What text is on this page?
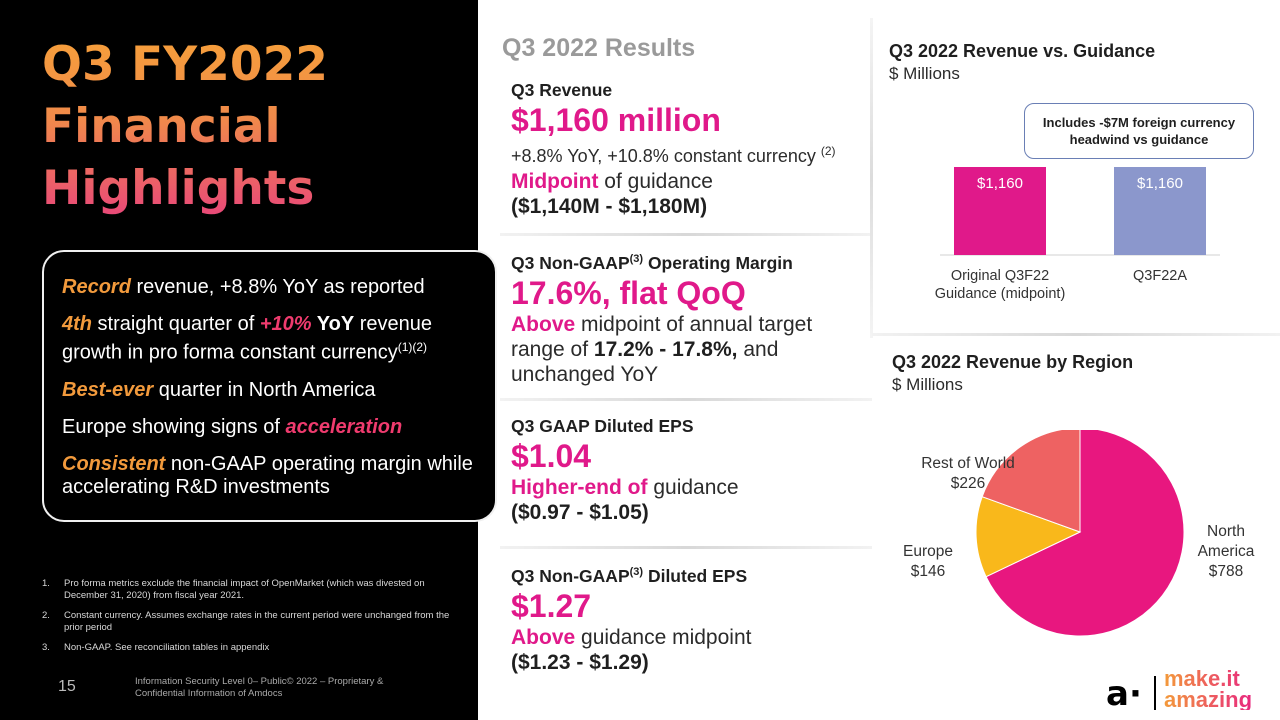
Q3 FY2022
Financial
Highlights
Record revenue, +8.8% YoY as reported
4th straight quarter of +10% YoY revenue growth in pro forma constant currency$^{(1)(2)}$
Best-ever quarter in North America
Europe showing signs of acceleration
Consistent non-GAAP operating margin while accelerating R&D investments
1.	Pro forma metrics exclude the financial impact of OpenMarket (which was divested on December 31, 2020) from fiscal year 2021.
2.	Constant currency. Assumes exchange rates in the current period were unchanged from the prior period
3.	Non-GAAP. See reconciliation tables in appendix
15	Information Security Level 0– Public© 2022 – Proprietary & Confidential Information of Amdocs
Q3 2022 Results
Q3 Revenue
$1,160 million
+8.8% YoY, +10.8% constant currency $^{(2)}$
Midpoint of guidance
($1,140M - $1,180M)
Q3 Non-GAAP$^{(3)}$ Operating Margin
17.6%, flat QoQ
Above midpoint of annual target
range of 17.2% - 17.8%, and
unchanged YoY
Q3 GAAP Diluted EPS
$1.04
Higher-end of guidance
($0.97 - $1.05)
Q3 Non-GAAP$^{(3)}$ Diluted EPS
$1.27
Above guidance midpoint
($1.23 - $1.29)
Q3 2022 Revenue vs. Guidance
$ Millions
$1,160	$1,160
Original Q3F22
Guidance (midpoint)
Q3F22A
Includes -$7M foreign currency headwind vs guidance
Q3 2022 Revenue by Region
$ Millions
North
America
$788
Europe
$146
Rest of World
$226
a· make.it
amazing
